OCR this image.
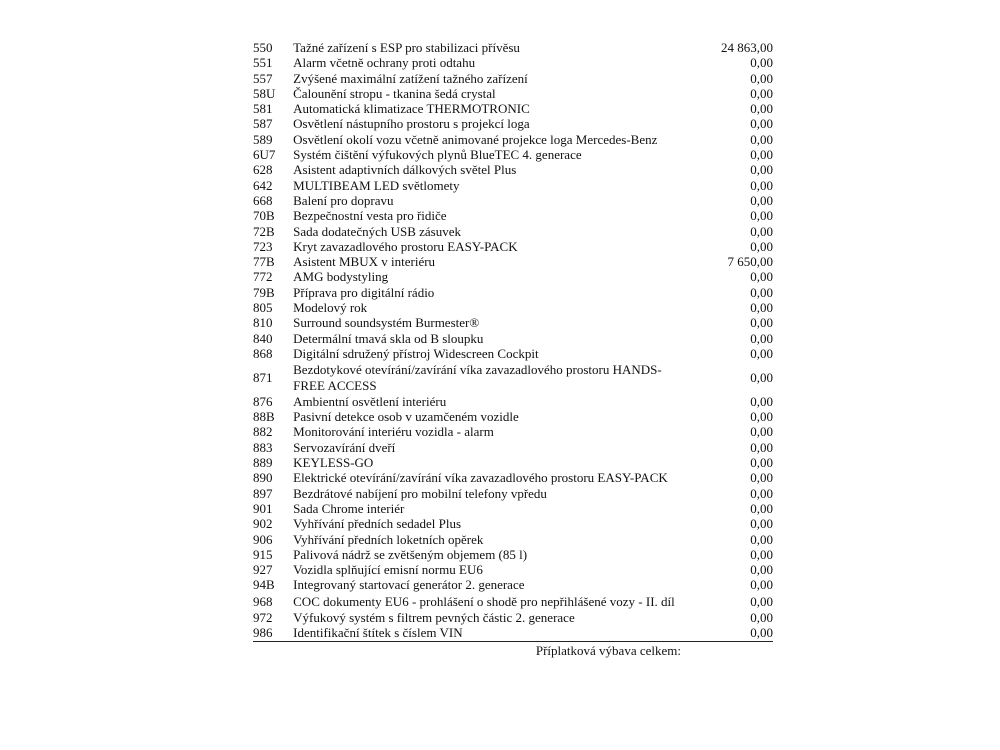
550	Tažné zařízení s ESP pro stabilizaci přívěsu	24 863,00
551	Alarm včetně ochrany proti odtahu	0,00
557	Zvýšené maximální zatížení tažného zařízení	0,00
58U	Čalounění stropu - tkanina šedá crystal	0,00
581	Automatická klimatizace THERMOTRONIC	0,00
587	Osvětlení nástupního prostoru s projekcí loga	0,00
589	Osvětlení okolí vozu včetně animované projekce loga Mercedes-Benz	0,00
6U7	Systém čištění výfukových plynů BlueTEC 4. generace	0,00
628	Asistent adaptivních dálkových světel Plus	0,00
642	MULTIBEAM LED světlomety	0,00
668	Balení pro dopravu	0,00
70B	Bezpečnostní vesta pro řidiče	0,00
72B	Sada dodatečných USB zásuvek	0,00
723	Kryt zavazadlového prostoru EASY-PACK	0,00
77B	Asistent MBUX v interiéru	7 650,00
772	AMG bodystyling	0,00
79B	Příprava pro digitální rádio	0,00
805	Modelový rok	0,00
810	Surround soundsystém Burmester®	0,00
840	Determální tmavá skla od B sloupku	0,00
868	Digitální sdružený přístroj Widescreen Cockpit	0,00
871	Bezdotykové otevírání/zavírání víka zavazadlového prostoru HANDS-FREE ACCESS	0,00
876	Ambientní osvětlení interiéru	0,00
88B	Pasivní detekce osob v uzamčeném vozidle	0,00
882	Monitorování interiéru vozidla - alarm	0,00
883	Servozavírání dveří	0,00
889	KEYLESS-GO	0,00
890	Elektrické otevírání/zavírání víka zavazadlového prostoru EASY-PACK	0,00
897	Bezdrátové nabíjení pro mobilní telefony vpředu	0,00
901	Sada Chrome interiér	0,00
902	Vyhřívání předních sedadel Plus	0,00
906	Vyhřívání předních loketních opěrek	0,00
915	Palivová nádrž se zvětšeným objemem (85 l)	0,00
927	Vozidla splňující emisní normu EU6	0,00
94B	Integrovaný startovací generátor 2. generace	0,00
968	COC dokumenty EU6 - prohlášení o shodě pro nepřihlášené vozy - II. díl	0,00
972	Výfukový systém s filtrem pevných částic 2. generace	0,00
986	Identifikační štítek s číslem VIN	0,00
Příplatková výbava celkem:
